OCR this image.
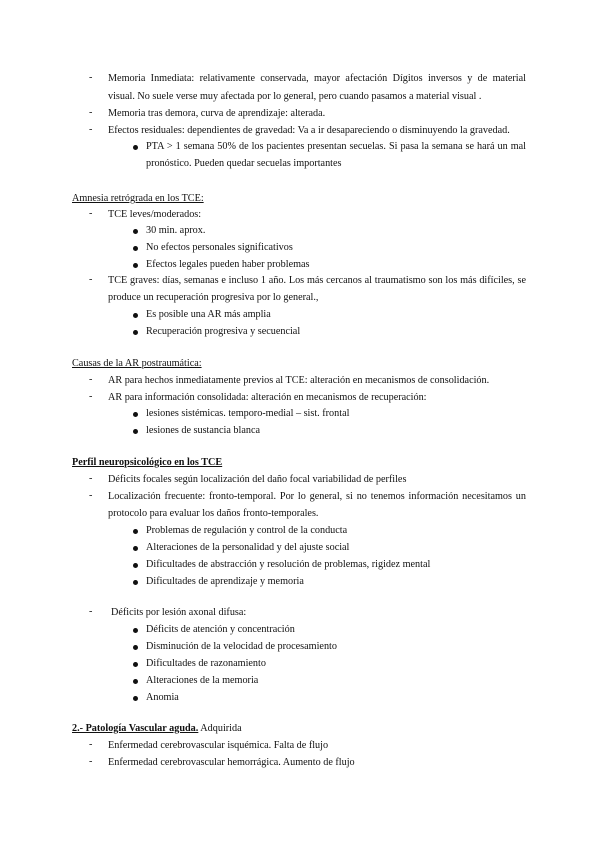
- Memoria Inmediata: relativamente conservada, mayor afectación Dígitos inversos y de material
visual. No suele verse muy afectada por lo general, pero cuando pasamos a material visual .
- Memoria tras demora, curva de aprendizaje: alterada.
- Efectos residuales: dependientes de gravedad: Va a ir desapareciendo o disminuyendo la gravedad.
PTA > 1 semana 50% de los pacientes presentan secuelas. Si pasa la semana se hará un mal
pronóstico. Pueden quedar secuelas importantes
Amnesia retrógrada en los TCE:
- TCE leves/moderados:
30 min. aprox.
No efectos personales significativos
Efectos legales pueden haber problemas
- TCE graves: días, semanas e incluso 1 año. Los más cercanos al traumatismo son los más difíciles, se
produce un recuperación progresiva por lo general.,
Es posible una AR más amplia
Recuperación progresiva y secuencial
Causas de la AR postraumática:
- AR para hechos inmediatamente previos al TCE: alteración en mecanismos de consolidación.
- AR para información consolidada: alteración en mecanismos de recuperación:
lesiones sistémicas. temporo-medial – sist. frontal
lesiones de sustancia blanca
Perfil neuropsicológico en los TCE
- Déficits focales según localización del daño focal variabilidad de perfiles
- Localización frecuente: fronto-temporal. Por lo general, si no tenemos información necesitamos un
protocolo para evaluar los daños fronto-temporales.
Problemas de regulación y control de la conducta
Alteraciones de la personalidad y del ajuste social
Dificultades de abstracción y resolución de problemas, rigidez mental
Dificultades de aprendizaje y memoria
- Déficits por lesión axonal difusa:
Déficits de atención y concentración
Disminución de la velocidad de procesamiento
Dificultades de razonamiento
Alteraciones de la memoria
Anomia
2.- Patología Vascular aguda. Adquirida
- Enfermedad cerebrovascular isquémica. Falta de flujo
- Enfermedad cerebrovascular hemorrágica. Aumento de flujo
